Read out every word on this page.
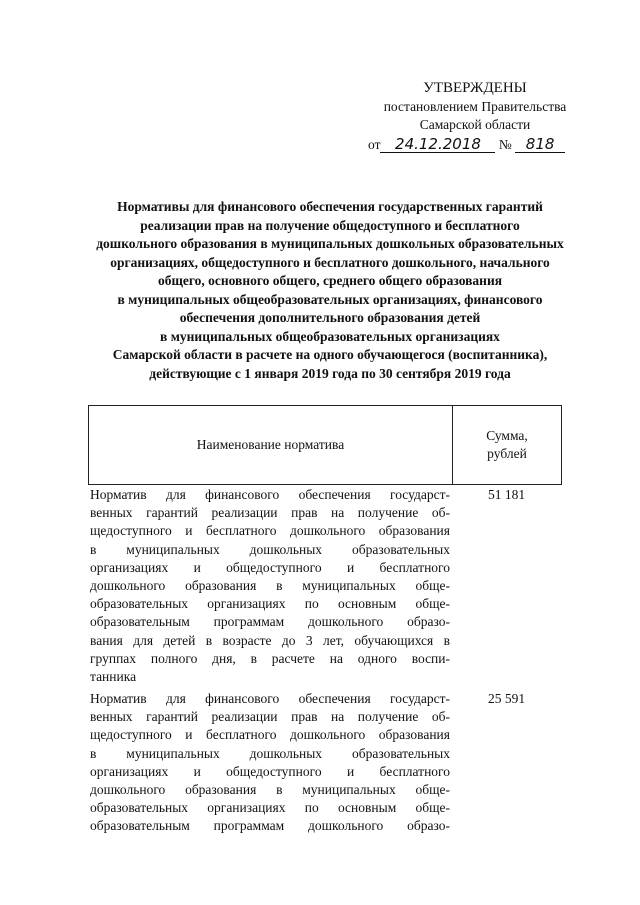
УТВЕРЖДЕНЫ
постановлением Правительства
Самарской области
от 24.12.2018 № 818
Нормативы для финансового обеспечения государственных гарантий
реализации прав на получение общедоступного и бесплатного
дошкольного образования в муниципальных дошкольных образовательных
организациях, общедоступного и бесплатного дошкольного, начального
общего, основного общего, среднего общего образования
в муниципальных общеобразовательных организациях, финансового
обеспечения дополнительного образования детей
в муниципальных общеобразовательных организациях
Самарской области в расчете на одного обучающегося (воспитанника),
действующие с 1 января 2019 года по 30 сентября 2019 года
Наименование норматива
Сумма,
рублей
Норматив для финансового обеспечения государст-
венных гарантий реализации прав на получение об-
щедоступного и бесплатного дошкольного образования
в муниципальных дошкольных образовательных
организациях и общедоступного и бесплатного
дошкольного образования в муниципальных обще-
образовательных организациях по основным обще-
образовательным программам дошкольного образо-
вания для детей в возрасте до 3 лет, обучающихся в
группах полного дня, в расчете на одного воспи-
танника
51 181
Норматив для финансового обеспечения государст-
венных гарантий реализации прав на получение об-
щедоступного и бесплатного дошкольного образования
в муниципальных дошкольных образовательных
организациях и общедоступного и бесплатного
дошкольного образования в муниципальных обще-
образовательных организациях по основным обще-
образовательным программам дошкольного образо-
25 591
